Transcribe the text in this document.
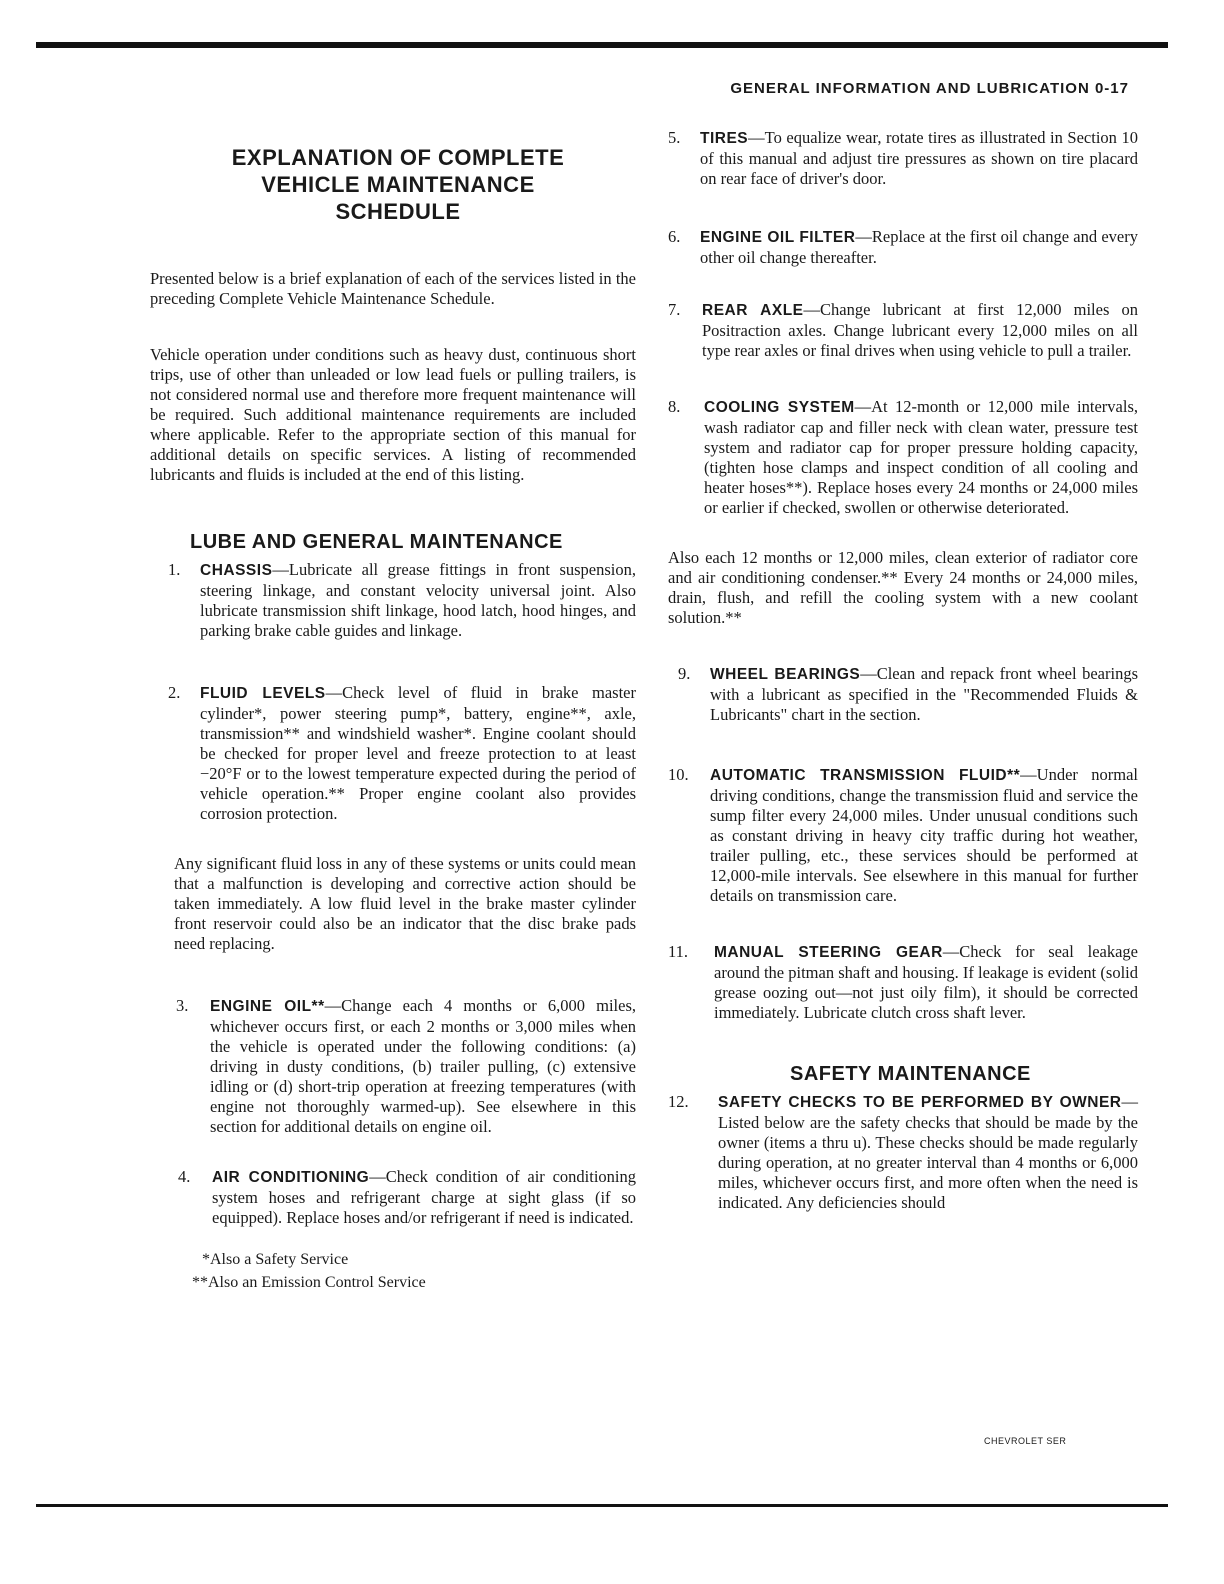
GENERAL INFORMATION AND LUBRICATION 0-17
EXPLANATION OF COMPLETE
VEHICLE MAINTENANCE
SCHEDULE

Presented below is a brief explanation of each of the services listed in the preceding Complete Vehicle Maintenance Schedule.

Vehicle operation under conditions such as heavy dust, continuous short trips, use of other than unleaded or low lead fuels or pulling trailers, is not considered normal use and therefore more frequent maintenance will be required. Such additional maintenance requirements are included where applicable. Refer to the appropriate section of this manual for additional details on specific services. A listing of recommended lubricants and fluids is included at the end of this listing.

LUBE AND GENERAL MAINTENANCE
1.	CHASSIS—Lubricate all grease fittings in front suspension, steering linkage, and constant velocity universal joint. Also lubricate transmission shift linkage, hood latch, hood hinges, and parking brake cable guides and linkage.
2.	FLUID LEVELS—Check level of fluid in brake master cylinder*, power steering pump*, battery, engine**, axle, transmission** and windshield washer*. Engine coolant should be checked for proper level and freeze protection to at least −20°F or to the lowest temperature expected during the period of vehicle operation.** Proper engine coolant also provides corrosion protection.

Any significant fluid loss in any of these systems or units could mean that a malfunction is developing and corrective action should be taken immediately. A low fluid level in the brake master cylinder front reservoir could also be an indicator that the disc brake pads need replacing.

3.	ENGINE OIL**—Change each 4 months or 6,000 miles, whichever occurs first, or each 2 months or 3,000 miles when the vehicle is operated under the following conditions: (a) driving in dusty conditions, (b) trailer pulling, (c) extensive idling or (d) short-trip operation at freezing temperatures (with engine not thoroughly warmed-up). See elsewhere in this section for additional details on engine oil.
4.	AIR CONDITIONING—Check condition of air conditioning system hoses and refrigerant charge at sight glass (if so equipped). Replace hoses and/or refrigerant if need is indicated.
*Also a Safety Service
**Also an Emission Control Service
5.	TIRES—To equalize wear, rotate tires as illustrated in Section 10 of this manual and adjust tire pressures as shown on tire placard on rear face of driver's door.
6.	ENGINE OIL FILTER—Replace at the first oil change and every other oil change thereafter.
7.	REAR AXLE—Change lubricant at first 12,000 miles on Positraction axles. Change lubricant every 12,000 miles on all type rear axles or final drives when using vehicle to pull a trailer.
8.	COOLING SYSTEM—At 12-month or 12,000 mile intervals, wash radiator cap and filler neck with clean water, pressure test system and radiator cap for proper pressure holding capacity, (tighten hose clamps and inspect condition of all cooling and heater hoses**). Replace hoses every 24 months or 24,000 miles or earlier if checked, swollen or otherwise deteriorated.

Also each 12 months or 12,000 miles, clean exterior of radiator core and air conditioning condenser.** Every 24 months or 24,000 miles, drain, flush, and refill the cooling system with a new coolant solution.**

9.	WHEEL BEARINGS—Clean and repack front wheel bearings with a lubricant as specified in the "Recommended Fluids & Lubricants" chart in the section.
10.	AUTOMATIC TRANSMISSION FLUID**—Under normal driving conditions, change the transmission fluid and service the sump filter every 24,000 miles. Under unusual conditions such as constant driving in heavy city traffic during hot weather, trailer pulling, etc., these services should be performed at 12,000-mile intervals. See elsewhere in this manual for further details on transmission care.
11.	MANUAL STEERING GEAR—Check for seal leakage around the pitman shaft and housing. If leakage is evident (solid grease oozing out—not just oily film), it should be corrected immediately. Lubricate clutch cross shaft lever.
SAFETY MAINTENANCE
12.	SAFETY CHECKS TO BE PERFORMED BY OWNER—Listed below are the safety checks that should be made by the owner (items a thru u). These checks should be made regularly during operation, at no greater interval than 4 months or 6,000 miles, whichever occurs first, and more often when the need is indicated. Any deficiencies should
CHEVROLET SER
